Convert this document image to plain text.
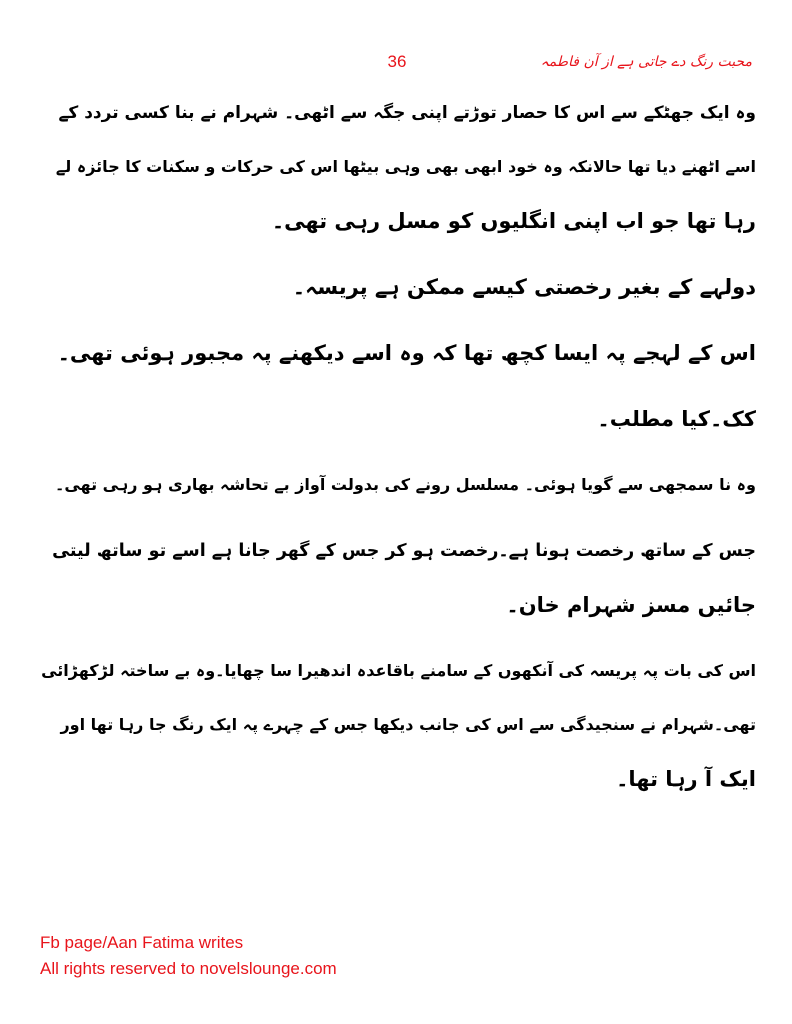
36	محبت رنگ دے جاتی ہے از آن فاطمہ
وہ ایک جھٹکے سے اس کا حصار توڑتے اپنی جگہ سے اٹھی۔ شہرام نے بنا کسی تردد کے
اسے اٹھنے دیا تھا حالانکہ وہ خود ابھی بھی وہی بیٹھا اس کی حرکات و سکنات کا جائزہ لے
رہا تھا جو اب اپنی انگلیوں کو مسل رہی تھی۔
دولہے کے بغیر رخصتی کیسے ممکن ہے پریسہ۔
اس کے لہجے پہ ایسا کچھ تھا کہ وہ اسے دیکھنے پہ مجبور ہوئی تھی۔
کک۔کیا مطلب۔
وہ نا سمجھی سے گویا ہوئی۔ مسلسل رونے کی بدولت آواز بے تحاشہ بھاری ہو رہی تھی۔
جس کے ساتھ رخصت ہونا ہے۔رخصت ہو کر جس کے گھر جانا ہے اسے تو ساتھ لیتی
جائیں مسز شہرام خان۔
اس کی بات پہ پریسہ کی آنکھوں کے سامنے باقاعدہ اندھیرا سا چھایا۔وہ بے ساختہ لڑکھڑائی
تھی۔شہرام نے سنجیدگی سے اس کی جانب دیکھا جس کے چہرے پہ ایک رنگ جا رہا تھا اور
ایک آ رہا تھا۔
Fb page/Aan Fatima writes
All rights reserved to novelslounge.com
